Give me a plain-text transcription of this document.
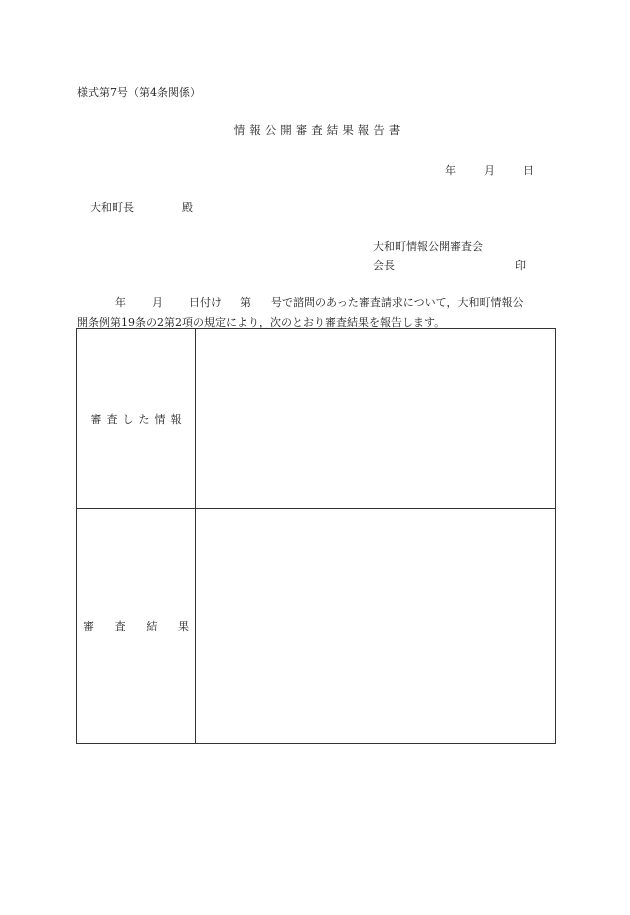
様式第7号（第4条関係）
情報公開審査結果報告書
年	月	日
大和町長	殿
大和町情報公開審査会
会長	印
年 月 日付け 第 号で諮問のあった審査請求について，大和町情報公
開条例第19条の2第2項の規定により，次のとおり審査結果を報告します。
審査した情報	

審 査 結 果	
